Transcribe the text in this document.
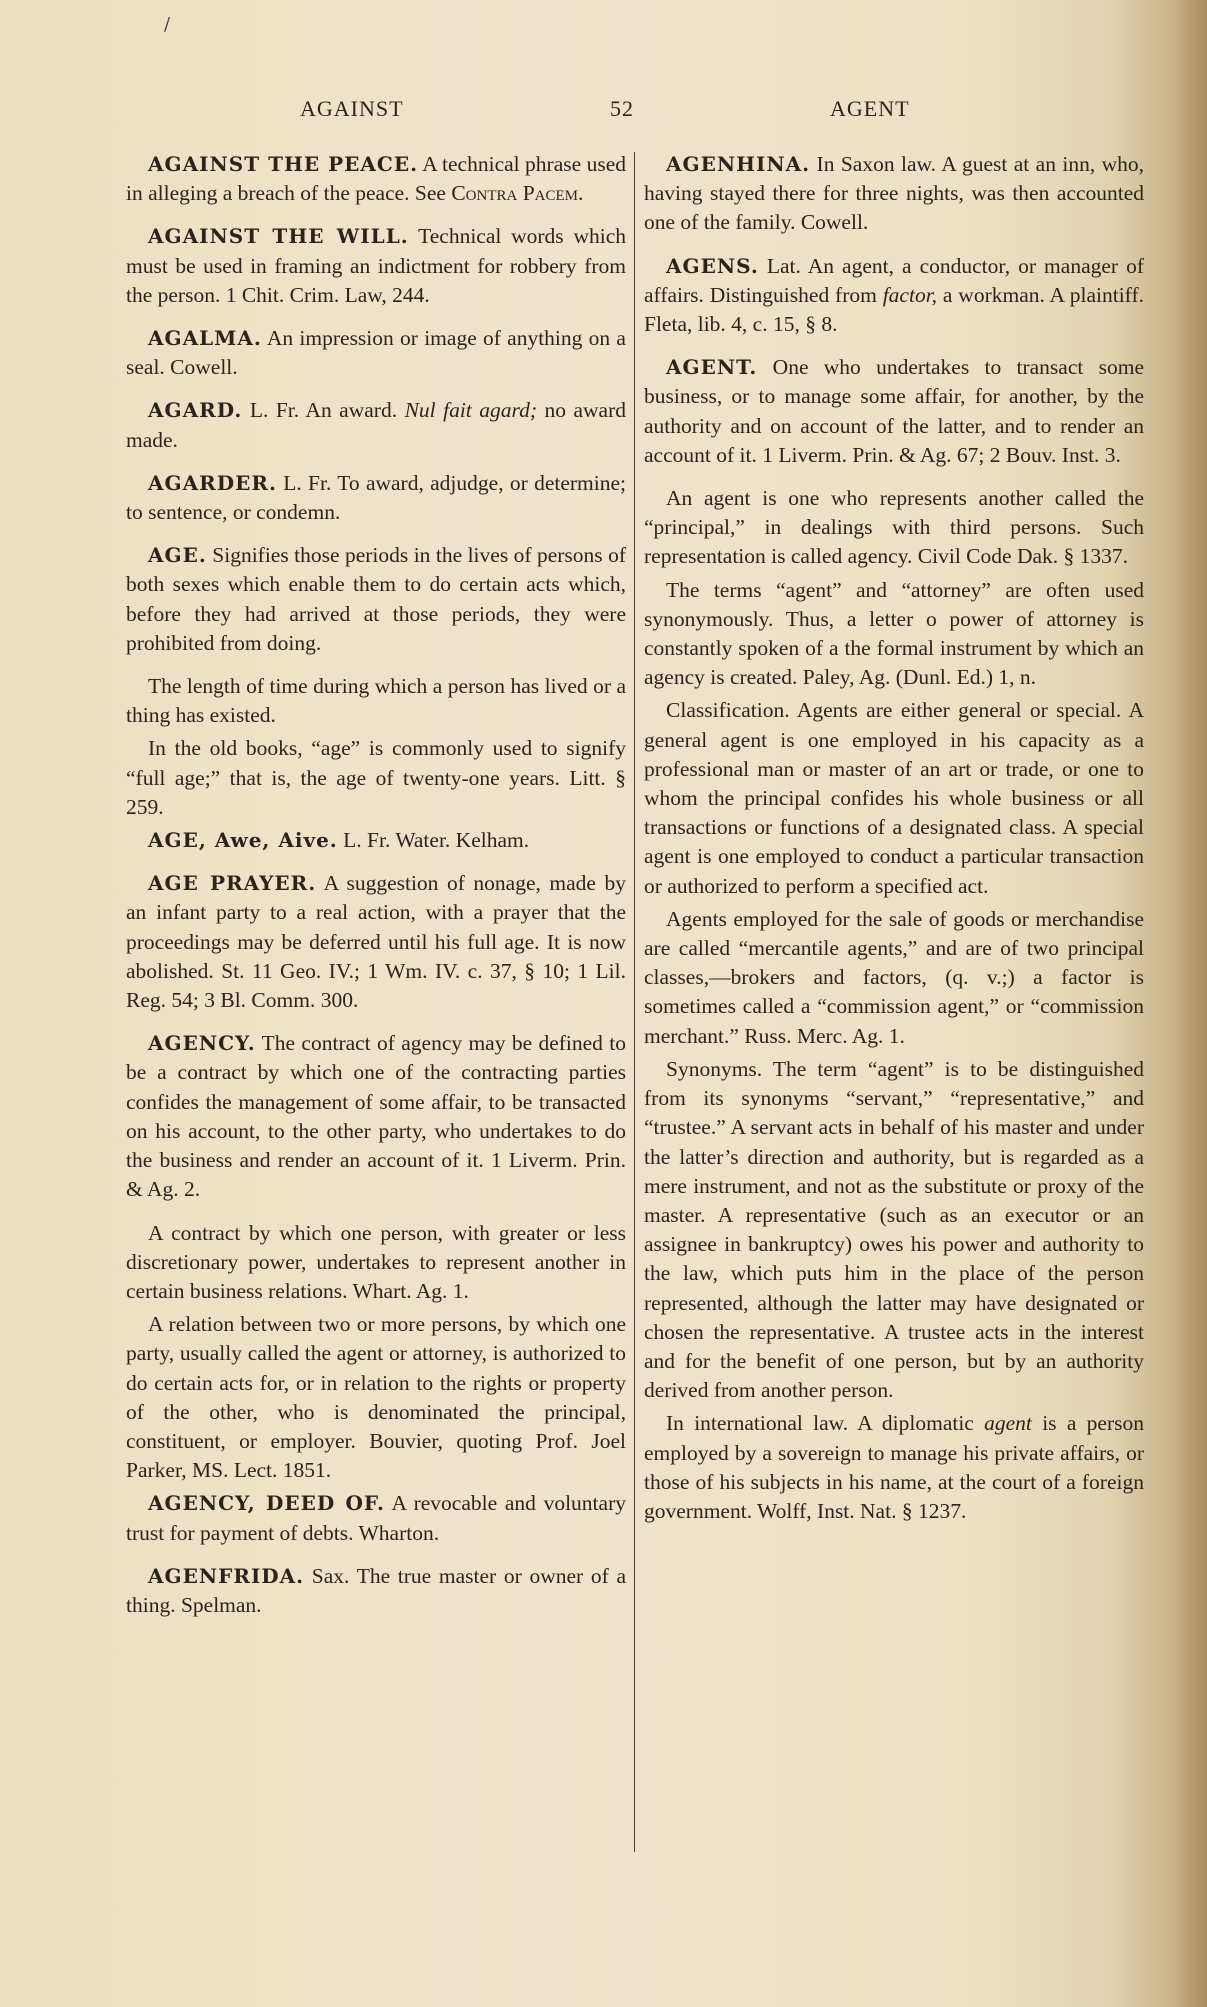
/
AGAINST	52	AGENT

AGAINST THE PEACE. A technical phrase used in alleging a breach of the peace. See Contra Pacem.

AGAINST THE WILL. Technical words which must be used in framing an indictment for robbery from the person. 1 Chit. Crim. Law, 244.

AGALMA. An impression or image of anything on a seal. Cowell.

AGARD. L. Fr. An award. Nul fait agard; no award made.

AGARDER. L. Fr. To award, adjudge, or determine; to sentence, or condemn.

AGE. Signifies those periods in the lives of persons of both sexes which enable them to do certain acts which, before they had arrived at those periods, they were prohibited from doing.

The length of time during which a person has lived or a thing has existed.

In the old books, “age” is commonly used to signify “full age;” that is, the age of twenty-one years. Litt. § 259.

AGE, Awe, Aive. L. Fr. Water. Kelham.

AGE PRAYER. A suggestion of nonage, made by an infant party to a real action, with a prayer that the proceedings may be deferred until his full age. It is now abolished. St. 11 Geo. IV.; 1 Wm. IV. c. 37, § 10; 1 Lil. Reg. 54; 3 Bl. Comm. 300.

AGENCY. The contract of agency may be defined to be a contract by which one of the contracting parties confides the management of some affair, to be transacted on his account, to the other party, who undertakes to do the business and render an account of it. 1 Liverm. Prin. & Ag. 2.

A contract by which one person, with greater or less discretionary power, undertakes to represent another in certain business relations. Whart. Ag. 1.

A relation between two or more persons, by which one party, usually called the agent or attorney, is authorized to do certain acts for, or in relation to the rights or property of the other, who is denominated the principal, constituent, or employer. Bouvier, quoting Prof. Joel Parker, MS. Lect. 1851.

AGENCY, DEED OF. A revocable and voluntary trust for payment of debts. Wharton.

AGENFRIDA. Sax. The true master or owner of a thing. Spelman.

AGENHINA. In Saxon law. A guest at an inn, who, having stayed there for three nights, was then accounted one of the family. Cowell.

AGENS. Lat. An agent, a conductor, or manager of affairs. Distinguished from factor, a workman. A plaintiff. Fleta, lib. 4, c. 15, § 8.

AGENT. One who undertakes to transact some business, or to manage some affair, for another, by the authority and on account of the latter, and to render an account of it. 1 Liverm. Prin. & Ag. 67; 2 Bouv. Inst. 3.

An agent is one who represents another called the “principal,” in dealings with third persons. Such representation is called agency. Civil Code Dak. § 1337.

The terms “agent” and “attorney” are often used synonymously. Thus, a letter o power of attorney is constantly spoken of a the formal instrument by which an agency is created. Paley, Ag. (Dunl. Ed.) 1, n.

Classification. Agents are either general or special. A general agent is one employed in his capacity as a professional man or master of an art or trade, or one to whom the principal confides his whole business or all transactions or functions of a designated class. A special agent is one employed to conduct a particular transaction or authorized to perform a specified act.

Agents employed for the sale of goods or merchandise are called “mercantile agents,” and are of two principal classes,—brokers and factors, (q. v.;) a factor is sometimes called a “commission agent,” or “commission merchant.” Russ. Merc. Ag. 1.

Synonyms. The term “agent” is to be distinguished from its synonyms “servant,” “representative,” and “trustee.” A servant acts in behalf of his master and under the latter’s direction and authority, but is regarded as a mere instrument, and not as the substitute or proxy of the master. A representative (such as an executor or an assignee in bankruptcy) owes his power and authority to the law, which puts him in the place of the person represented, although the latter may have designated or chosen the representative. A trustee acts in the interest and for the benefit of one person, but by an authority derived from another person.

In international law. A diplomatic agent is a person employed by a sovereign to manage his private affairs, or those of his subjects in his name, at the court of a foreign government. Wolff, Inst. Nat. § 1237.
